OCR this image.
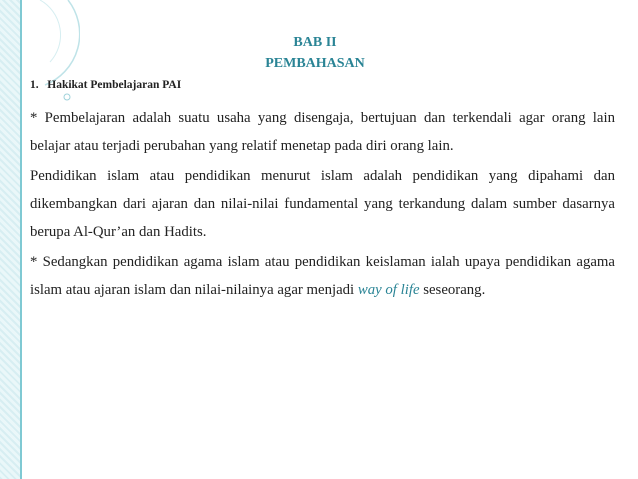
BAB II
PEMBAHASAN
1. Hakikat Pembelajaran PAI

* Pembelajaran adalah suatu usaha yang disengaja, bertujuan dan terkendali agar orang lain belajar atau terjadi perubahan yang relatif menetap pada diri orang lain.

Pendidikan islam atau pendidikan menurut islam adalah pendidikan yang dipahami dan dikembangkan dari ajaran dan nilai-nilai fundamental yang terkandung dalam sumber dasarnya berupa Al-Qur’an dan Hadits.

* Sedangkan pendidikan agama islam atau pendidikan keislaman ialah upaya pendidikan agama islam atau ajaran islam dan nilai-nilainya agar menjadi way of life seseorang.
